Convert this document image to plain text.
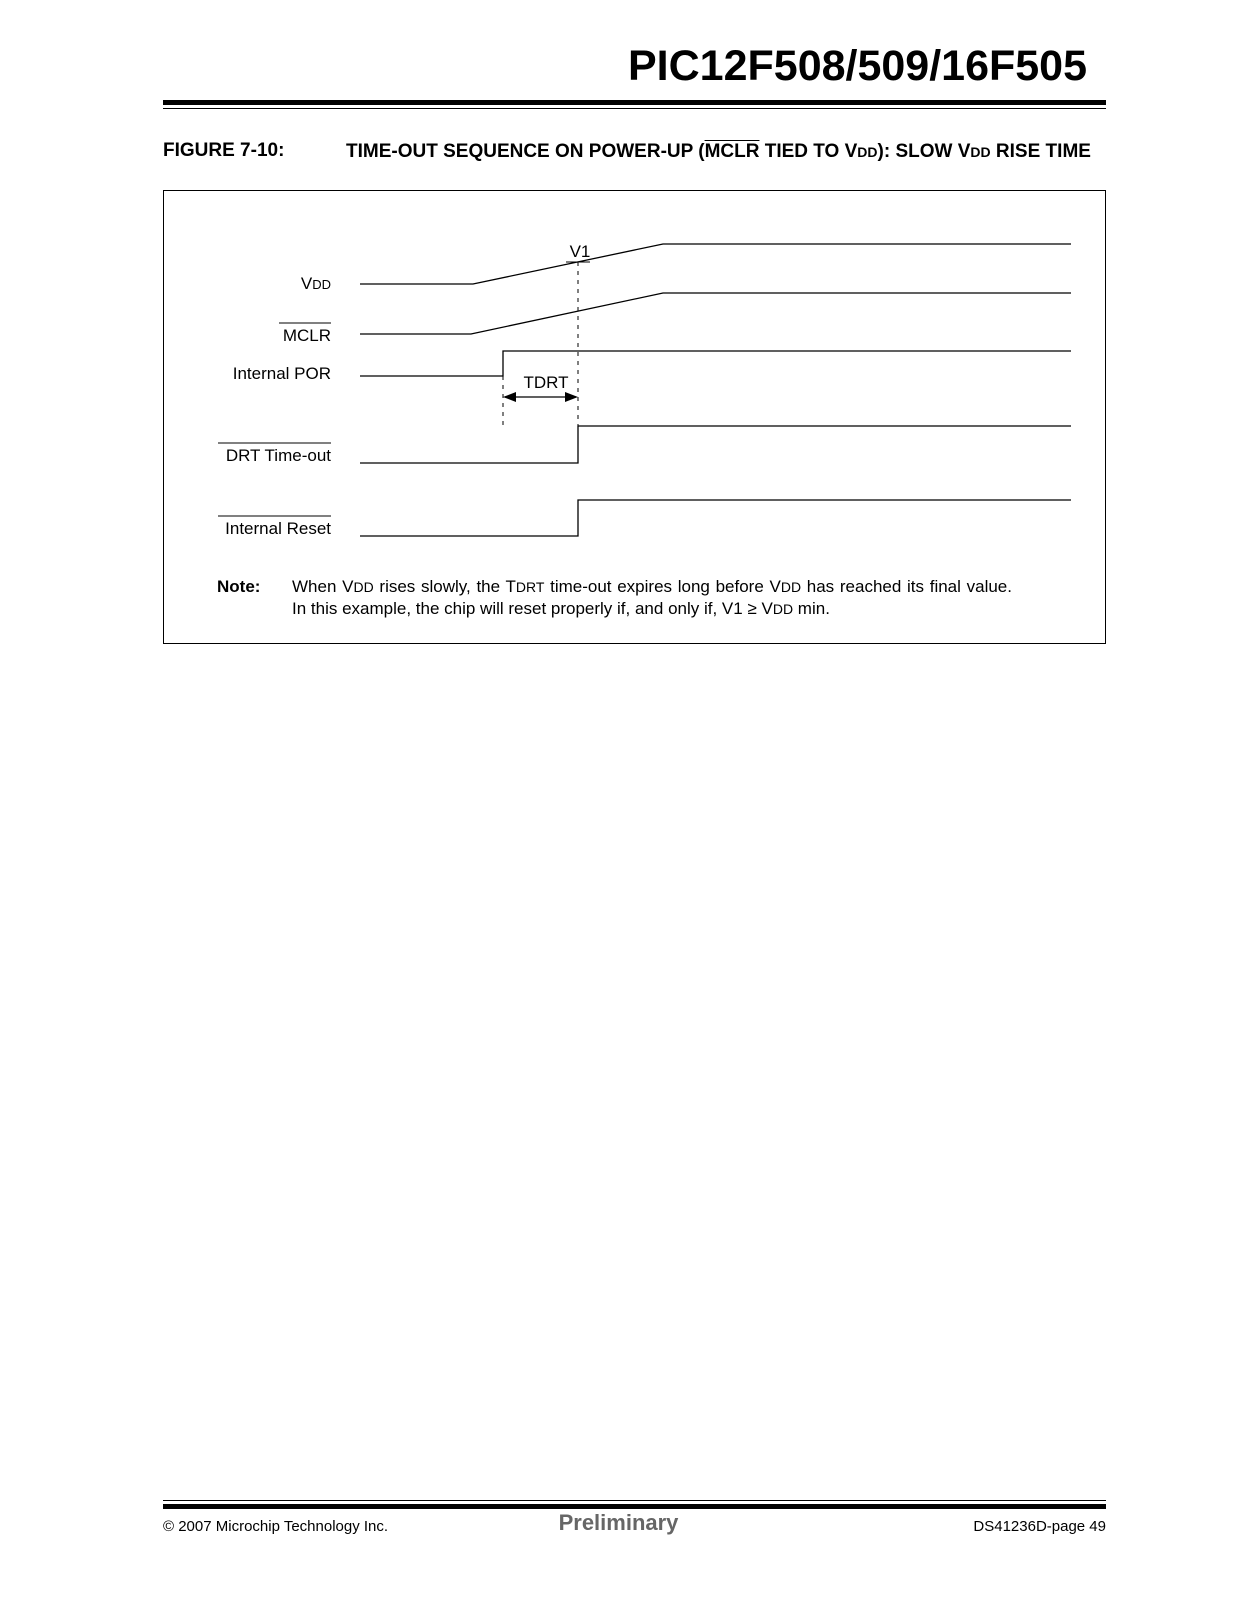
PIC12F508/509/16F505
FIGURE 7-10:	TIME-OUT SEQUENCE ON POWER-UP (MCLR TIED TO VDD): SLOW VDD RISE TIME
VDD
MCLR
Internal POR
DRT Time-out
Internal Reset
V1
TDRT
Note: When VDD rises slowly, the TDRT time-out expires long before VDD has reached its final value. In this example, the chip will reset properly if, and only if, V1 ≥ VDD min.
© 2007 Microchip Technology Inc.	Preliminary	DS41236D-page 49
